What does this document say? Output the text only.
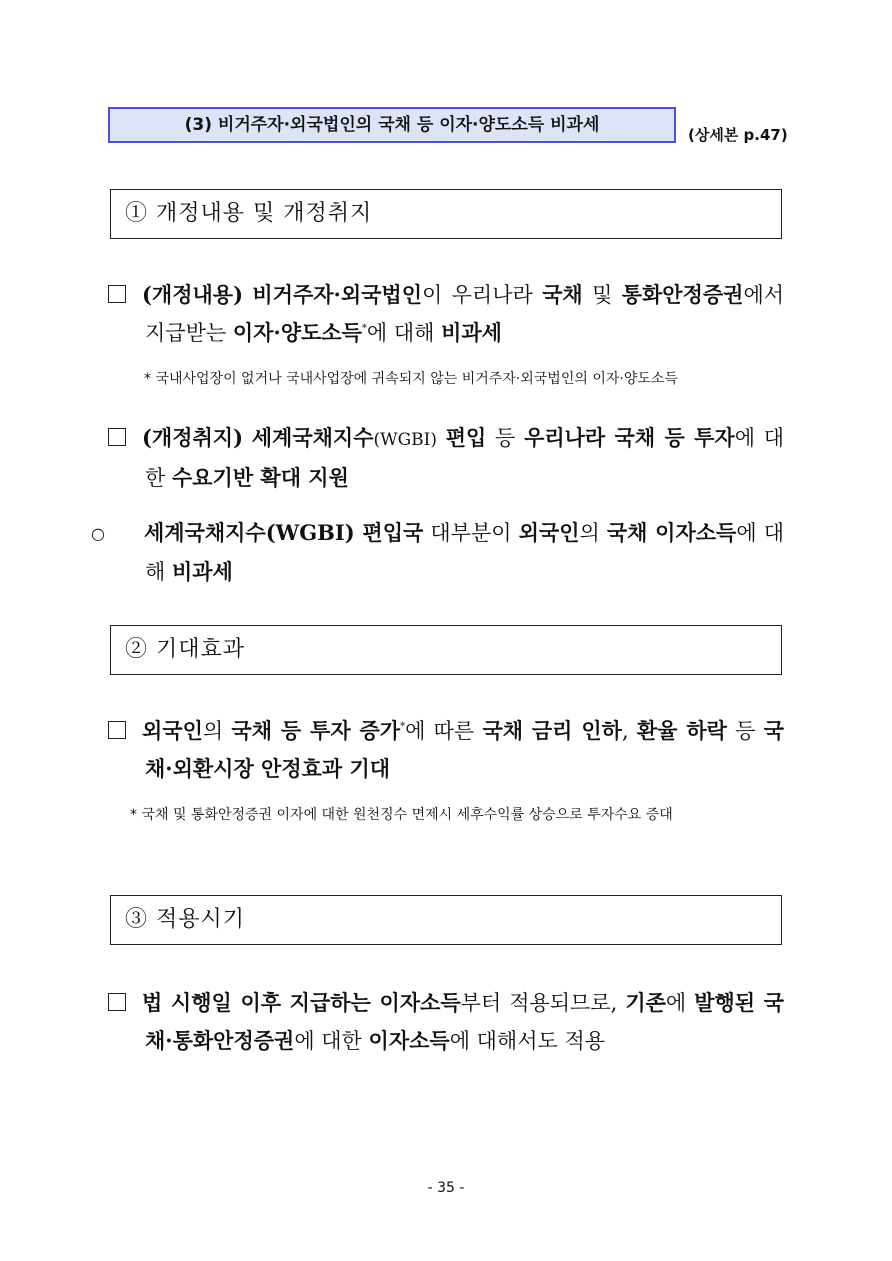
(3) 비거주자·외국법인의 국채 등 이자·양도소득 비과세	(상세본 p.47)
① 개정내용 및 개정취지
(개정내용) 비거주자·외국법인이 우리나라 국채 및 통화안정증권에서 지급받는 이자·양도소득*에 대해 비과세
* 국내사업장이 없거나 국내사업장에 귀속되지 않는 비거주자·외국법인의 이자·양도소득
(개정취지) 세계국채지수(WGBI) 편입 등 우리나라 국채 등 투자에 대한 수요기반 확대 지원
○ 세계국채지수(WGBI) 편입국 대부분이 외국인의 국채 이자소득에 대해 비과세
② 기대효과
외국인의 국채 등 투자 증가*에 따른 국채 금리 인하, 환율 하락 등 국채·외환시장 안정효과 기대
* 국채 및 통화안정증권 이자에 대한 원천징수 면제시 세후수익률 상승으로 투자수요 증대
③ 적용시기
법 시행일 이후 지급하는 이자소득부터 적용되므로, 기존에 발행된 국채·통화안정증권에 대한 이자소득에 대해서도 적용
- 35 -
